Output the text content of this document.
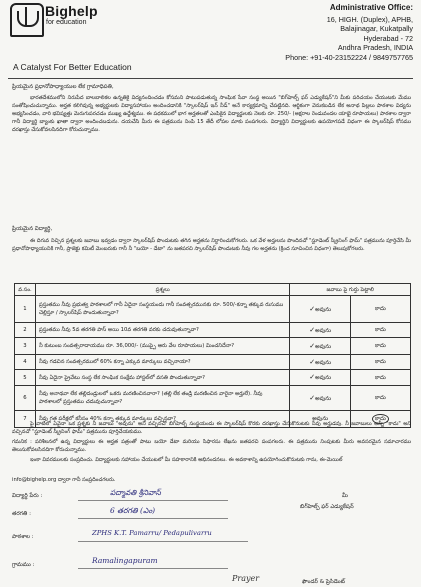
Bighelp
for education
A Catalyst For Better Education
Administrative Office:
16, HIGH. (Duplex), APHB,
Balajinagar, Kukatpally
Hyderabad - 72
Andhra Pradesh, INDIA
Phone: +91-40-23152224 / 9849757765
ప్రియమైన ప్రధానోపాధ్యాయుల లేక గ్రామాధిపతి,
భారతదేశములోని నిరుపేద బాలబాలికల ఉన్నతికై విద్యనందించడం కోసమని పాటుపడుతున్న సాంఘిక సేవా సంస్థ అయిన "బిగ్‌హెల్ప్ ఫర్ ఎడ్యుకేషన్"ని మీకు పరిచయం చేయుటకు మేము సంతోషించుచున్నాము. అర్హత కలిగివున్న అభ్యర్థులకు విద్యాసహాయం అందించడానికి "స్కాలర్‌షిప్ ఇన్ నీడ్" అనే కార్యక్రమాన్ని చేపట్టినది. ఆర్థికంగా వెనుకబడిన లేక అనాథ పిల్లలు పాఠశాల విద్యను అభ్యసించడం, వారి భవిష్యత్తు మెరుగుపరచడం ముఖ్య ఉద్దేశ్యము. ఈ పథకములో భాగ అర్హతలతో ఎంపికైన విద్యార్థులకు నెలకు రూ. 250/- (అక్షరాల రెండువందల యాభై రూపాయలు) పాఠశాల ద్వారా గానీ విద్యార్థి బ్యాంకు ఖాతా ద్వారా అందించబడును. దయచేసి మీరు ఈ పత్రమును నింపి 15 తేదీ లోపల మాకు పంపగలరు. విద్యార్థిని విద్యార్థులకు ఉపయోగపడే విధంగా ఈ స్కాలర్‌షిప్ కోసము దరఖాస్తు చేసుకోవలసినదిగా కోరుచున్నాము.
ప్రియమైన విద్యార్థి,
ఈ దిగువ నిచ్చిన ప్రశ్నలకు జవాబు ఇవ్వడం ద్వారా స్కాలర్‌షిప్ పొందుటకు తగిన అర్హతను నిర్ధారించుకోగలరు. ఒక వేళ అర్హులను పొందినచో "స్టూడెంట్ స్క్రీనింగ్ ఫామ్" పత్రమును పూర్తిచేసి మీ ప్రధానోపాధ్యాయునికి గానీ, ప్రాజెక్టు కమిటీ మెంబరుకు గానీ నీ "బయో - డేటా" ను జతపరచి స్కాలర్‌షిప్ పొందుటకు నీవు గల అర్హతను (క్రింద సూచించిన విధంగా) తెలుపుకోగలరు.
వ.సం.	ప్రశ్నలు	జవాబు పై గుర్తు పెట్టాలి	
1	ప్రస్తుతము నీవు ప్రభుత్వ పాఠశాలలో గానీ ఏదైనా సంస్థయందు గానీ సంవత్సరమునకు రూ. 500/-కన్నా తక్కువ రుసుము చెల్లిస్తూ / స్కాలర్‌షిప్ పొందుతున్నావా?	✓అవును	కాదు
2	ప్రస్తుతము నీవు 5వ తరగతి పాస్ అయి 10వ తరగతి వరకు చదువుతున్నావా?	✓అవును	కాదు
3	నీ కుటుంబ సంవత్సరాదాయము రూ. 36,000/- (ముప్పై ఆరు వేల రూపాయలు) మించనిదేనా?	✓అవును	కాదు
4	నీవు గడచిన సంవత్సరములో 60% కన్నా ఎక్కువ మార్కులు వచ్చినాయా?	✓అవును	కాదు
5	నీవు ఏదైనా ప్రైవేటు సంస్థ లేక సాంఘిక సంక్షేమ హాస్టల్‌లో వసతి పొందుతున్నావా?	✓అవును	కాదు
6	నీవు అనాథవా లేక తల్లిదండ్రులలో ఒకరు మరణించినవారా? (తల్లి లేక తండ్రి మరణించిన వారైనా అర్హులే). నీవు పాఠశాలలో ప్రస్తుతము చదువుచున్నావా?	✓అవును	కాదు
7	నీవు గత పరీక్షలో కనీసం 40% కన్నా తక్కువ మార్కులు వచ్చినవా?	అవును	కాదు
పై వాటిలో ఏవైనా ఒక ప్రశ్నకు నీ జవాబు "అవును" అని వచ్చినచో బిగ్‌హెల్ప్ సంస్థయందు ఈ స్కాలర్‌షిప్ కొరకు దరఖాస్తు చేసుకొనుటకు నీవు అర్హుడవు. నీ జవాబులు అన్నీ "కాదు" అని వచ్చినచో "స్టూడెంట్ స్క్రీనింగ్ ఫామ్" పత్రమును పూర్తిచేయకుము.
గమనిక : పరిశీలనలో ఉన్న విద్యార్థులు ఈ అర్హత పత్రంతో పాటు బయో డేటా మరియు సిఫారసు లేఖను జతపరచి పంపగలరు. ఈ పత్రమును నింపుటకు మీరు అవసరమైన సమాచారము తెలుసుకోవలసినదిగా కోరుచున్నాము.
ఇంకా వివరములకు సంప్రదించు. విద్యార్థులకు సహాయం చేయుటలో మీ సహకారానికి అభినందనలు. ఈ అవకాశాన్ని ఉపయోగించుకొనుటకు గాను, ఈ-మెయిల్
info@bighelp.org ద్వారా గానీ సంప్రదించగలరు.
విద్యార్థి పేరు :	పద్మావతి శ్రీనివాస్
తరగతి :	6 తరగతి (ఎం)
పాఠశాల :	ZPHS K.T. Pamarru/ Pedapulivarru
గ్రామము :	Ramalingapuram
మీ
బిగ్‌హెల్ప్ ఫర్ ఎడ్యుకేషన్
ఫౌండర్ & ప్రెసిడెంట్
Prayer
